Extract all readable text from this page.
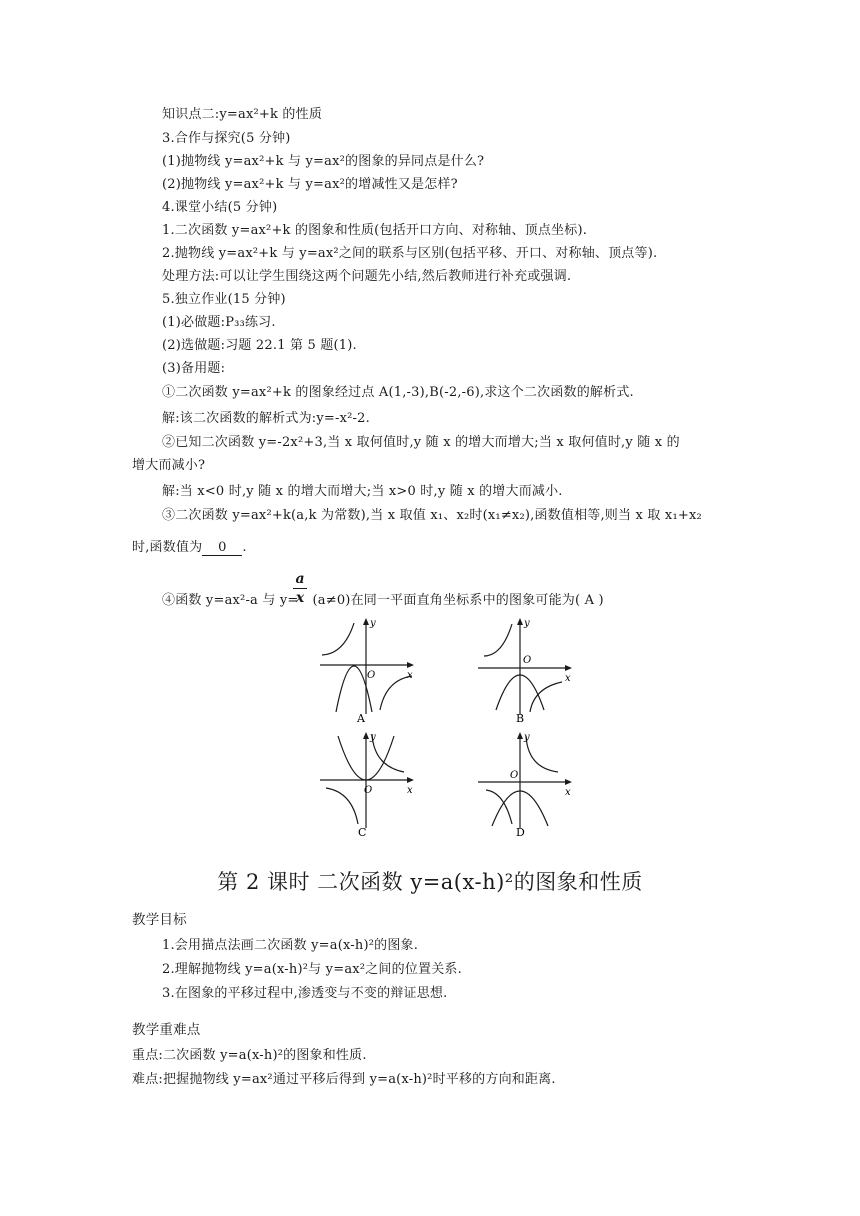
知识点二:y=ax²+k 的性质
3.合作与探究(5 分钟)
(1)抛物线 y=ax²+k 与 y=ax²的图象的异同点是什么?
(2)抛物线 y=ax²+k 与 y=ax²的增减性又是怎样?
4.课堂小结(5 分钟)
1.二次函数 y=ax²+k 的图象和性质(包括开口方向、对称轴、顶点坐标).
2.抛物线 y=ax²+k 与 y=ax²之间的联系与区别(包括平移、开口、对称轴、顶点等).
处理方法:可以让学生围绕这两个问题先小结,然后教师进行补充或强调.
5.独立作业(15 分钟)
(1)必做题:P₃₃练习.
(2)选做题:习题 22.1 第 5 题(1).
(3)备用题:
①二次函数 y=ax²+k 的图象经过点 A(1,-3),B(-2,-6),求这个二次函数的解析式.
解:该二次函数的解析式为:y=-x²-2.
②已知二次函数 y=-2x²+3,当 x 取何值时,y 随 x 的增大而增大;当 x 取何值时,y 随 x 的
增大而减小?
解:当 x<0 时,y 随 x 的增大而增大;当 x>0 时,y 随 x 的增大而减小.
③二次函数 y=ax²+k(a,k 为常数),当 x 取值 x₁、x₂时(x₁≠x₂),函数值相等,则当 x 取 x₁+x₂
时,函数值为 0 .
④函数 y=ax²-a 与 y= (a≠0)在同一平面直角坐标系中的图象可能为( A )
a
x
y
x
O
A
y
x
O
B
y
x
O
C
y
x
O
D
第 2 课时 二次函数 y=a(x-h)²的图象和性质
教学目标
1.会用描点法画二次函数 y=a(x-h)²的图象.
2.理解抛物线 y=a(x-h)²与 y=ax²之间的位置关系.
3.在图象的平移过程中,渗透变与不变的辩证思想.
教学重难点
重点:二次函数 y=a(x-h)²的图象和性质.
难点:把握抛物线 y=ax²通过平移后得到 y=a(x-h)²时平移的方向和距离.
